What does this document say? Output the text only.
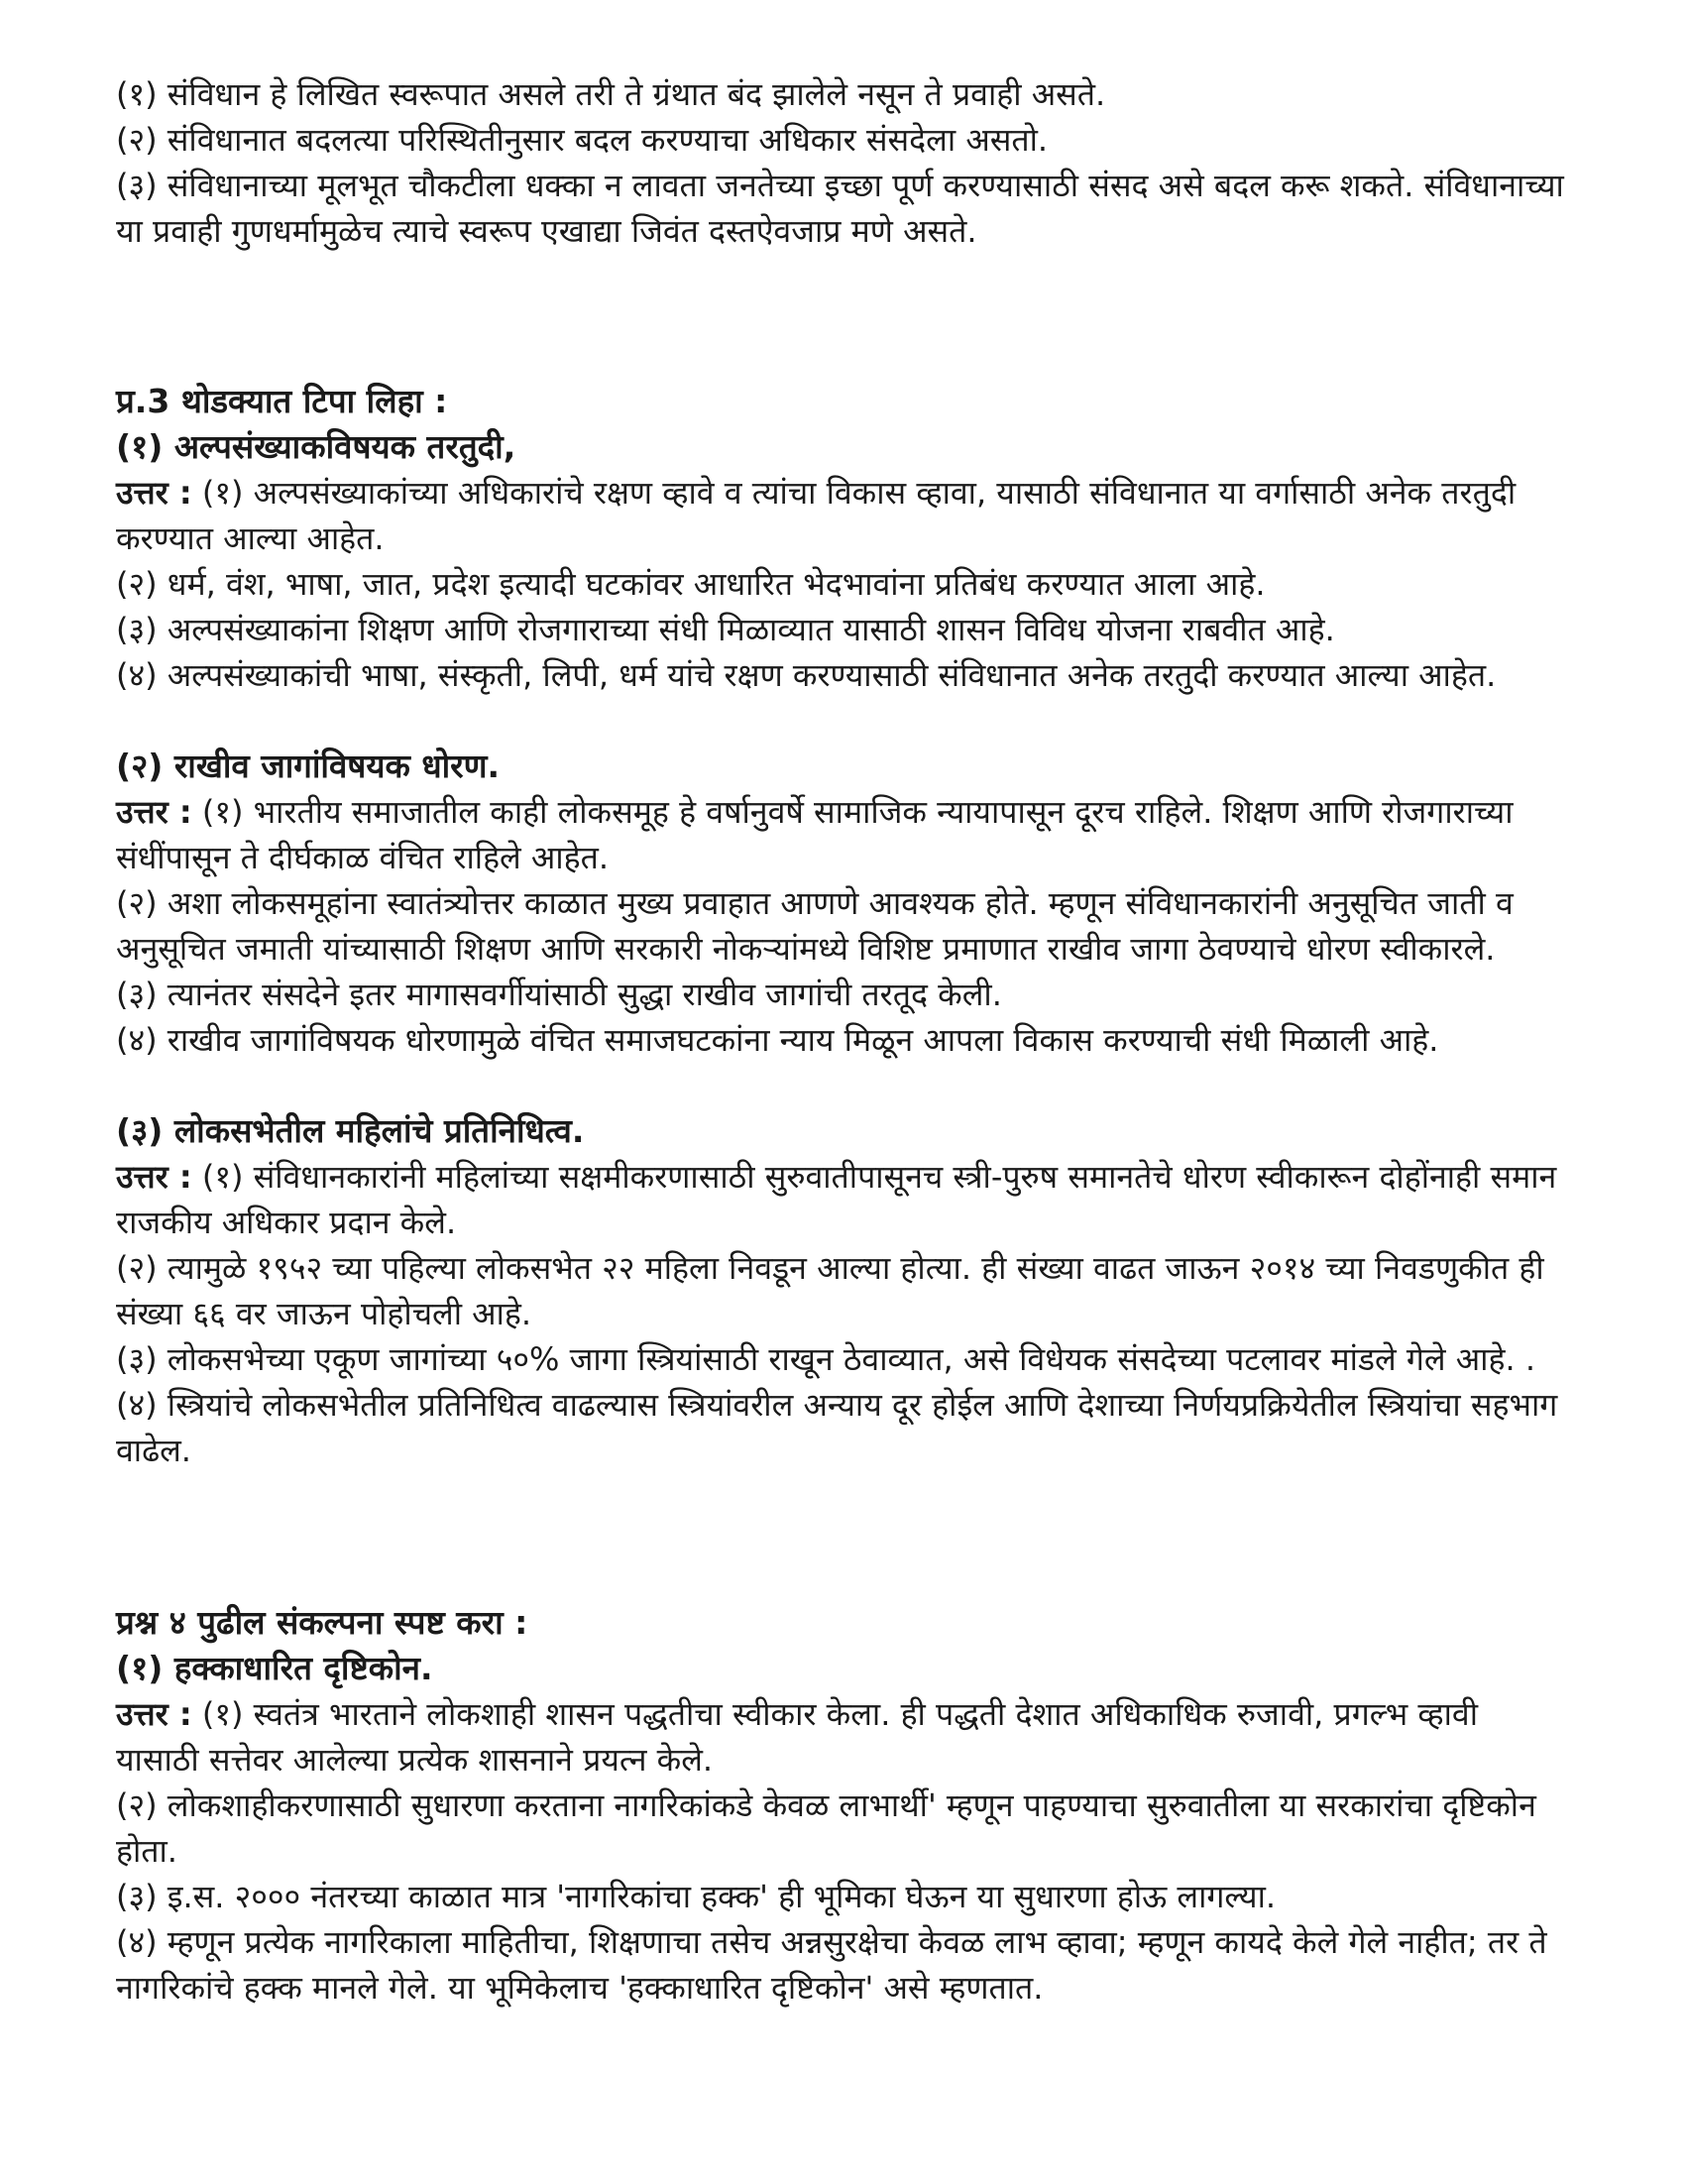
(१) संविधान हे लिखित स्वरूपात असले तरी ते ग्रंथात बंद झालेले नसून ते प्रवाही असते.

(२) संविधानात बदलत्या परिस्थितीनुसार बदल करण्याचा अधिकार संसदेला असतो.

(३) संविधानाच्या मूलभूत चौकटीला धक्का न लावता जनतेच्या इच्छा पूर्ण करण्यासाठी संसद असे बदल करू शकते. संविधानाच्या या प्रवाही गुणधर्मामुळेच त्याचे स्वरूप एखाद्या जिवंत दस्तऐवजाप्र मणे असते.

प्र.3 थोडक्यात टिपा लिहा :

(१) अल्पसंख्याकविषयक तरतुदी,

उत्तर : (१) अल्पसंख्याकांच्या अधिकारांचे रक्षण व्हावे व त्यांचा विकास व्हावा, यासाठी संविधानात या वर्गासाठी अनेक तरतुदी करण्यात आल्या आहेत.

(२) धर्म, वंश, भाषा, जात, प्रदेश इत्यादी घटकांवर आधारित भेदभावांना प्रतिबंध करण्यात आला आहे.

(३) अल्पसंख्याकांना शिक्षण आणि रोजगाराच्या संधी मिळाव्यात यासाठी शासन विविध योजना राबवीत आहे.

(४) अल्पसंख्याकांची भाषा, संस्कृती, लिपी, धर्म यांचे रक्षण करण्यासाठी संविधानात अनेक तरतुदी करण्यात आल्या आहेत.

(२) राखीव जागांविषयक धोरण.

उत्तर : (१) भारतीय समाजातील काही लोकसमूह हे वर्षानुवर्षे सामाजिक न्यायापासून दूरच राहिले. शिक्षण आणि रोजगाराच्या संधींपासून ते दीर्घकाळ वंचित राहिले आहेत.

(२) अशा लोकसमूहांना स्वातंत्र्योत्तर काळात मुख्य प्रवाहात आणणे आवश्यक होते. म्हणून संविधानकारांनी अनुसूचित जाती व अनुसूचित जमाती यांच्यासाठी शिक्षण आणि सरकारी नोकऱ्यांमध्ये विशिष्ट प्रमाणात राखीव जागा ठेवण्याचे धोरण स्वीकारले.

(३) त्यानंतर संसदेने इतर मागासवर्गीयांसाठी सुद्धा राखीव जागांची तरतूद केली.

(४) राखीव जागांविषयक धोरणामुळे वंचित समाजघटकांना न्याय मिळून आपला विकास करण्याची संधी मिळाली आहे.

(३) लोकसभेतील महिलांचे प्रतिनिधित्व.

उत्तर : (१) संविधानकारांनी महिलांच्या सक्षमीकरणासाठी सुरुवातीपासूनच स्त्री-पुरुष समानतेचे धोरण स्वीकारून दोहोंनाही समान राजकीय अधिकार प्रदान केले.

(२) त्यामुळे १९५२ च्या पहिल्या लोकसभेत २२ महिला निवडून आल्या होत्या. ही संख्या वाढत जाऊन २०१४ च्या निवडणुकीत ही संख्या ६६ वर जाऊन पोहोचली आहे.

(३) लोकसभेच्या एकूण जागांच्या ५०% जागा स्त्रियांसाठी राखून ठेवाव्यात, असे विधेयक संसदेच्या पटलावर मांडले गेले आहे. .

(४) स्त्रियांचे लोकसभेतील प्रतिनिधित्व वाढल्यास स्त्रियांवरील अन्याय दूर होईल आणि देशाच्या निर्णयप्रक्रियेतील स्त्रियांचा सहभाग वाढेल.

प्रश्न ४ पुढील संकल्पना स्पष्ट करा :

(१) हक्काधारित दृष्टिकोन.

उत्तर : (१) स्वतंत्र भारताने लोकशाही शासन पद्धतीचा स्वीकार केला. ही पद्धती देशात अधिकाधिक रुजावी, प्रगल्भ व्हावी यासाठी सत्तेवर आलेल्या प्रत्येक शासनाने प्रयत्न केले.

(२) लोकशाहीकरणासाठी सुधारणा करताना नागरिकांकडे केवळ लाभार्थी' म्हणून पाहण्याचा सुरुवातीला या सरकारांचा दृष्टिकोन होता.

(३) इ.स. २००० नंतरच्या काळात मात्र 'नागरिकांचा हक्क' ही भूमिका घेऊन या सुधारणा होऊ लागल्या.

(४) म्हणून प्रत्येक नागरिकाला माहितीचा, शिक्षणाचा तसेच अन्नसुरक्षेचा केवळ लाभ व्हावा; म्हणून कायदे केले गेले नाहीत; तर ते नागरिकांचे हक्क मानले गेले. या भूमिकेलाच 'हक्काधारित दृष्टिकोन' असे म्हणतात.
